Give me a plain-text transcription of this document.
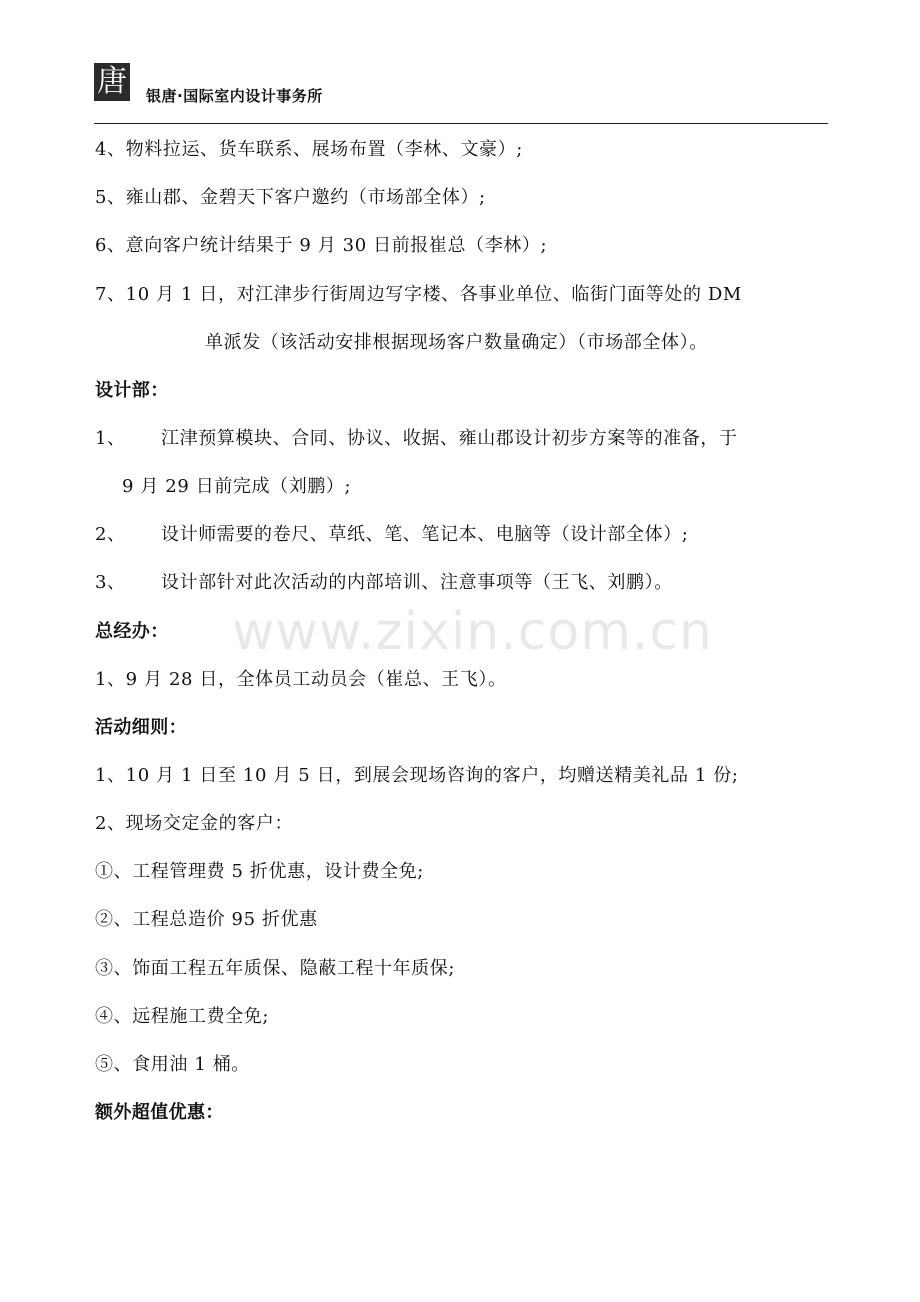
唐 银唐·国际室内设计事务所
4、物料拉运、货车联系、展场布置（李林、文豪）;
5、雍山郡、金碧天下客户邀约（市场部全体）;
6、意向客户统计结果于 9 月 30 日前报崔总（李林）;
7、10 月 1 日，对江津步行街周边写字楼、各事业单位、临街门面等处的 DM
单派发（该活动安排根据现场客户数量确定）（市场部全体）。
设计部：
1、 江津预算模块、合同、协议、收据、雍山郡设计初步方案等的准备，于
9 月 29 日前完成（刘鹏）;
2、 设计师需要的卷尺、草纸、笔、笔记本、电脑等（设计部全体）;
3、 设计部针对此次活动的内部培训、注意事项等（王飞、刘鹏）。
总经办：
1、9 月 28 日，全体员工动员会（崔总、王飞）。
活动细则：
1、10 月 1 日至 10 月 5 日，到展会现场咨询的客户，均赠送精美礼品 1 份;
2、现场交定金的客户：
①、工程管理费 5 折优惠，设计费全免;
②、工程总造价 95 折优惠
③、饰面工程五年质保、隐蔽工程十年质保;
④、远程施工费全免;
⑤、食用油 1 桶。
额外超值优惠：
www.zixin.com.cn
